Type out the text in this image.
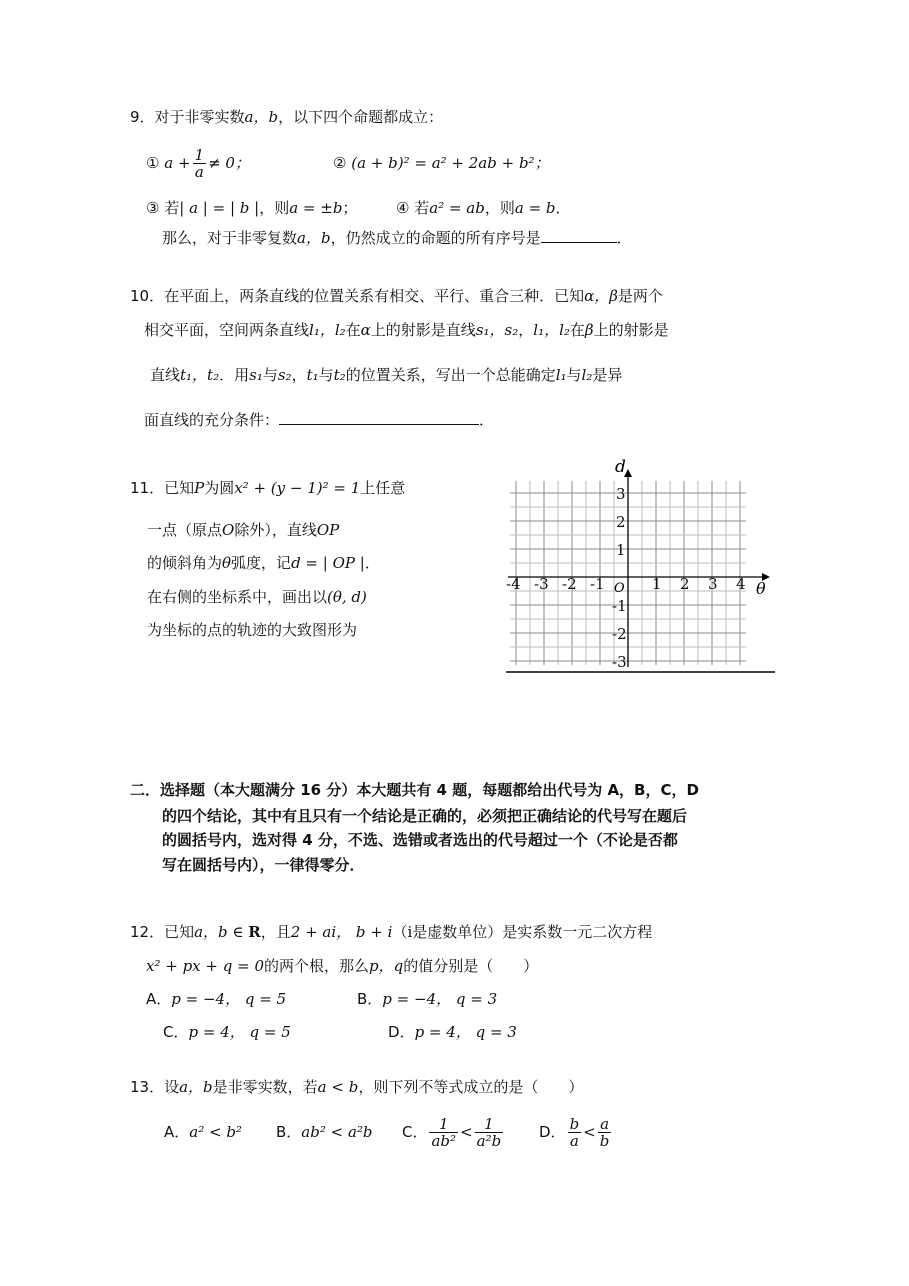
9．对于非零实数a，b，以下四个命题都成立：
① $a + \frac{1}{a} \ne 0$；	② (a + b)² = a² + 2ab + b²；
③ 若| a | = | b |，则a = ±b；	④ 若a² = ab，则a = b．
那么，对于非零复数a，b，仍然成立的命题的所有序号是	．
10．在平面上，两条直线的位置关系有相交、平行、重合三种．已知α，β是两个
相交平面，空间两条直线l₁，l₂在α上的射影是直线s₁，s₂，l₁，l₂在β上的射影是
直线t₁，t₂．用s₁与s₂，t₁与t₂的位置关系，写出一个总能确定l₁与l₂是异
面直线的充分条件：	．
11．已知P为圆x² + (y − 1)² = 1上任意
一点（原点O除外），直线OP
的倾斜角为θ弧度，记d = | OP |．
在右侧的坐标系中，画出以(θ, d)
为坐标的点的轨迹的大致图形为
d
θ
O
-4 -3 -2 -1	1 2 3 4
3
2
1
-1
-2
-3
二．选择题（本大题满分 16 分）本大题共有 4 题，每题都给出代号为 A，B，C，D
的四个结论，其中有且只有一个结论是正确的，必须把正确结论的代号写在题后
的圆括号内，选对得 4 分，不选、选错或者选出的代号超过一个（不论是否都
写在圆括号内），一律得零分．
12．已知a，b ∈ R，且2 + ai， b + i（i是虚数单位）是实系数一元二次方程
x² + px + q = 0的两个根，那么p，q的值分别是（　　）
A．p = −4， q = 5	B．p = −4， q = 3
C．p = 4， q = 5	D．p = 4， q = 3
13．设a，b是非零实数，若a < b，则下列不等式成立的是（　　）
A．a² < b² B．ab² < a²b C． $\frac{1}{\text{ab²}} < \frac{1}{\text{a²b}}$ D． $\frac{b}{a} < \frac{a}{b}$
